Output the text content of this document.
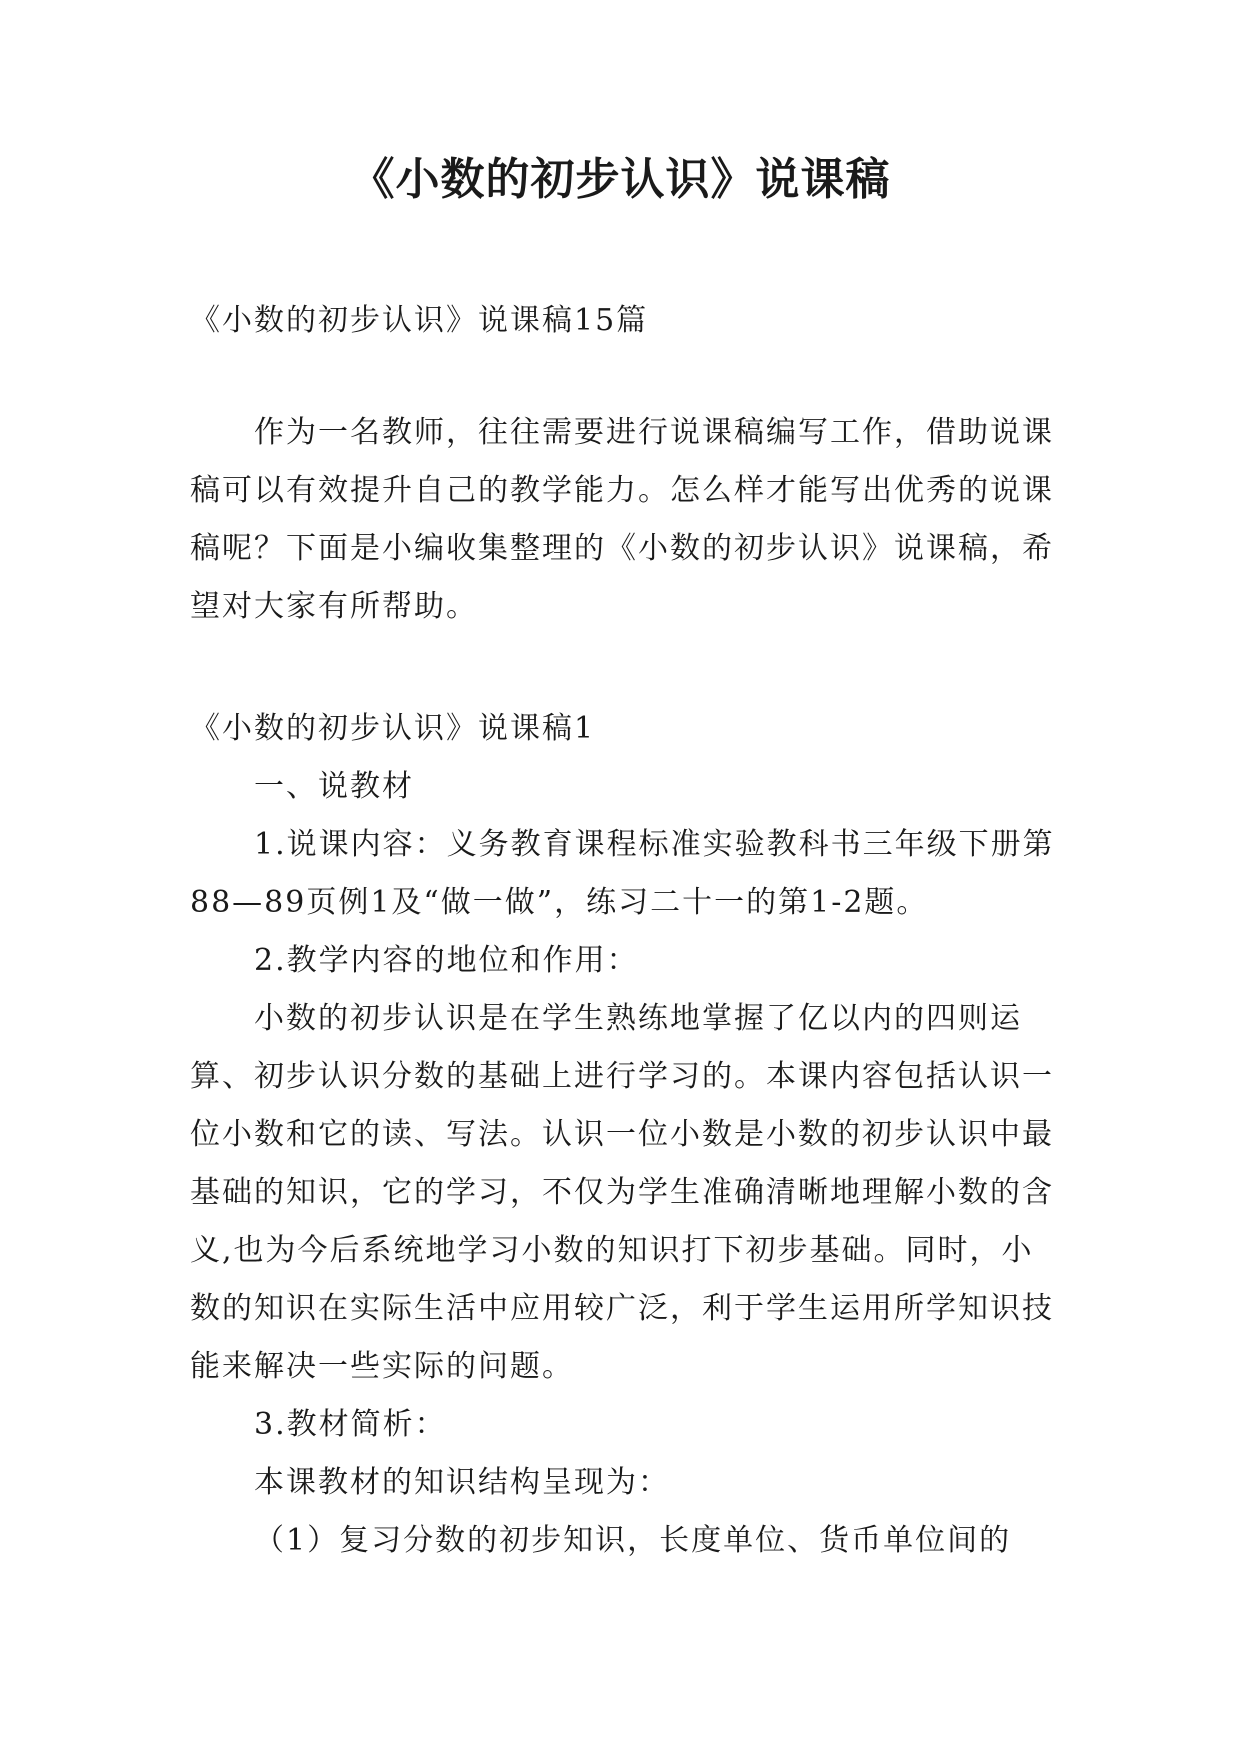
《小数的初步认识》说课稿

《小数的初步认识》说课稿15篇

作为一名教师，往往需要进行说课稿编写工作，借助说课稿可以有效提升自己的教学能力。怎么样才能写出优秀的说课稿呢？下面是小编收集整理的《小数的初步认识》说课稿，希望对大家有所帮助。

《小数的初步认识》说课稿1

一、说教材

1.说课内容：义务教育课程标准实验教科书三年级下册第88—89页例1及“做一做”，练习二十一的第1-2题。

2.教学内容的地位和作用：

小数的初步认识是在学生熟练地掌握了亿以内的四则运算、初步认识分数的基础上进行学习的。本课内容包括认识一位小数和它的读、写法。认识一位小数是小数的初步认识中最基础的知识，它的学习，不仅为学生准确清晰地理解小数的含义,也为今后系统地学习小数的知识打下初步基础。同时，小数的知识在实际生活中应用较广泛，利于学生运用所学知识技能来解决一些实际的问题。

3.教材简析：

本课教材的知识结构呈现为：

（1）复习分数的初步知识，长度单位、货币单位间的
